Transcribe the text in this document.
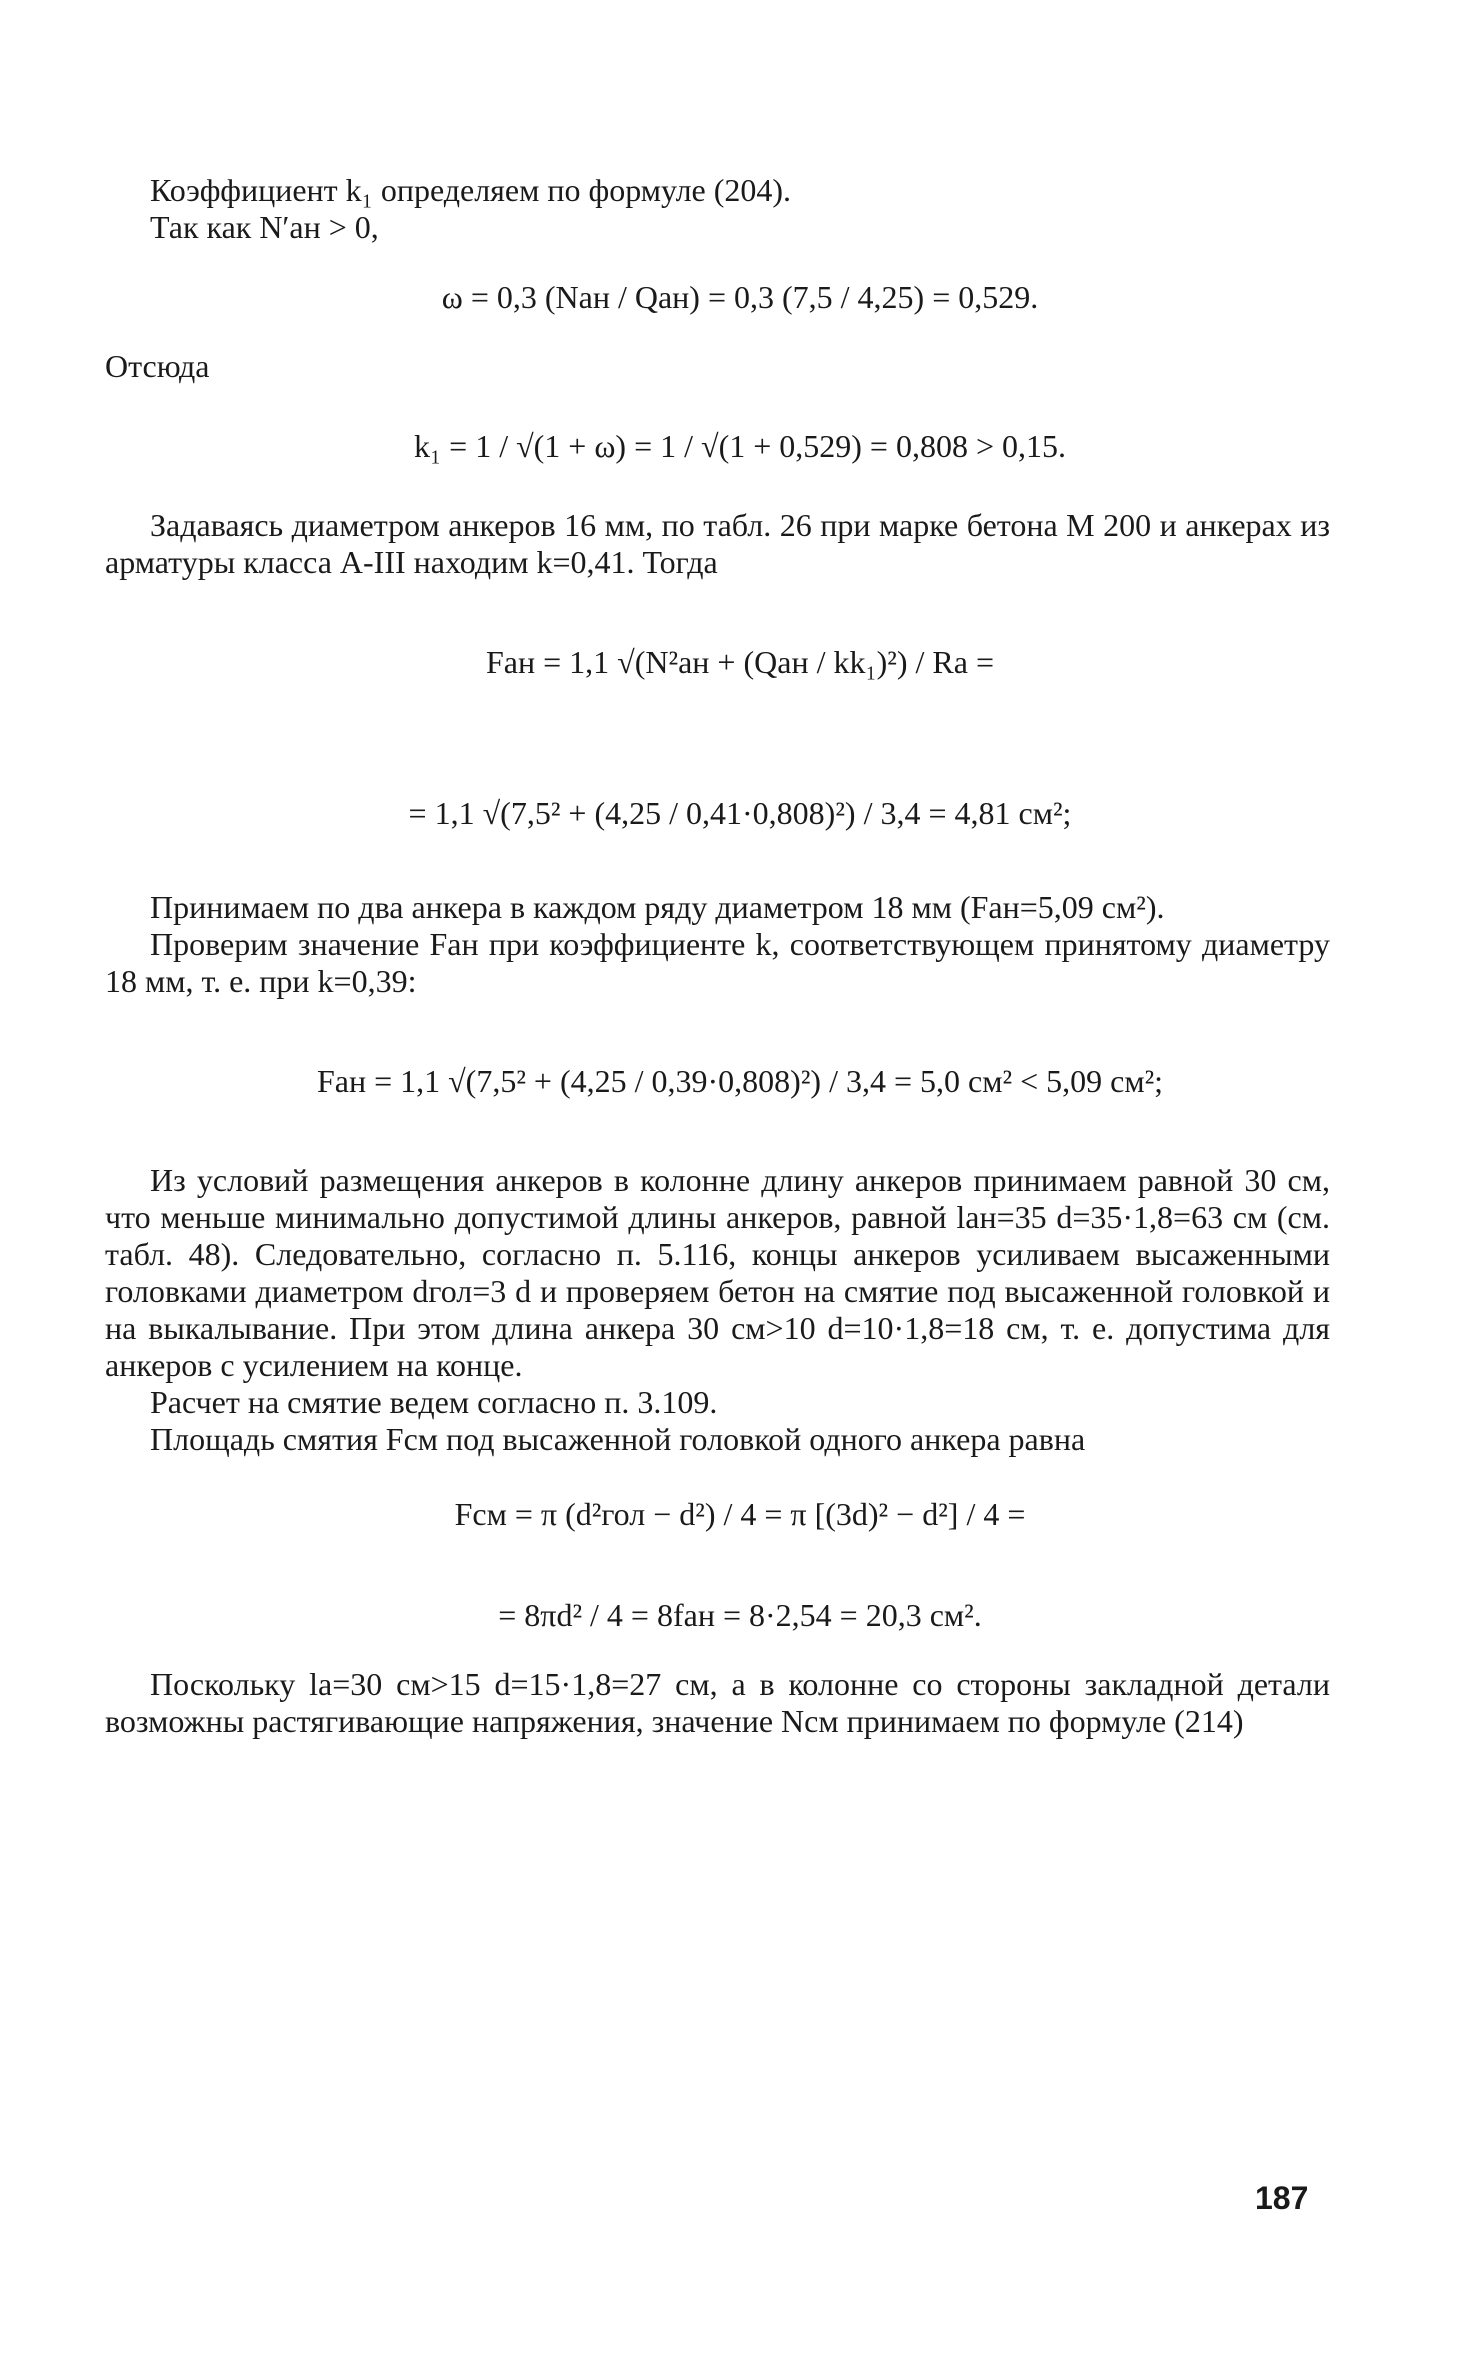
Коэффициент k₁ определяем по формуле (204).

Так как N′ан > 0,

ω = 0,3 (Nан / Qан) = 0,3 (7,5 / 4,25) = 0,529.

Отсюда

k₁ = 1 / √(1 + ω) = 1 / √(1 + 0,529) = 0,808 > 0,15.

Задаваясь диаметром анкеров 16 мм, по табл. 26 при марке бетона М 200 и анкерах из арматуры класса А-III находим k=0,41. Тогда

Fан = 1,1 √(N²ан + (Qан / kk₁)²) / Rа =
= 1,1 √(7,5² + (4,25 / 0,41·0,808)²) / 3,4 = 4,81 см²;

Принимаем по два анкера в каждом ряду диаметром 18 мм (Fан=5,09 см²).

Проверим значение Fан при коэффициенте k, соответствующем принятому диаметру 18 мм, т. е. при k=0,39:

Fан = 1,1 √(7,5² + (4,25 / 0,39·0,808)²) / 3,4 = 5,0 см² < 5,09 см²;

Из условий размещения анкеров в колонне длину анкеров принимаем равной 30 см, что меньше минимально допустимой длины анкеров, равной lан=35 d=35·1,8=63 см (см. табл. 48). Следовательно, согласно п. 5.116, концы анкеров усиливаем высаженными головками диаметром dгол=3 d и проверяем бетон на смятие под высаженной головкой и на выкалывание. При этом длина анкера 30 см>10 d=10·1,8=18 см, т. е. допустима для анкеров с усилением на конце.

Расчет на смятие ведем согласно п. 3.109.

Площадь смятия Fсм под высаженной головкой одного анкера равна

Fсм = π (d²гол − d²) / 4 = π [(3d)² − d²] / 4 =
= 8πd² / 4 = 8fан = 8·2,54 = 20,3 см².

Поскольку lа=30 см>15 d=15·1,8=27 см, а в колонне со стороны закладной детали возможны растягивающие напряжения, значение Nсм принимаем по формуле (214)

187
